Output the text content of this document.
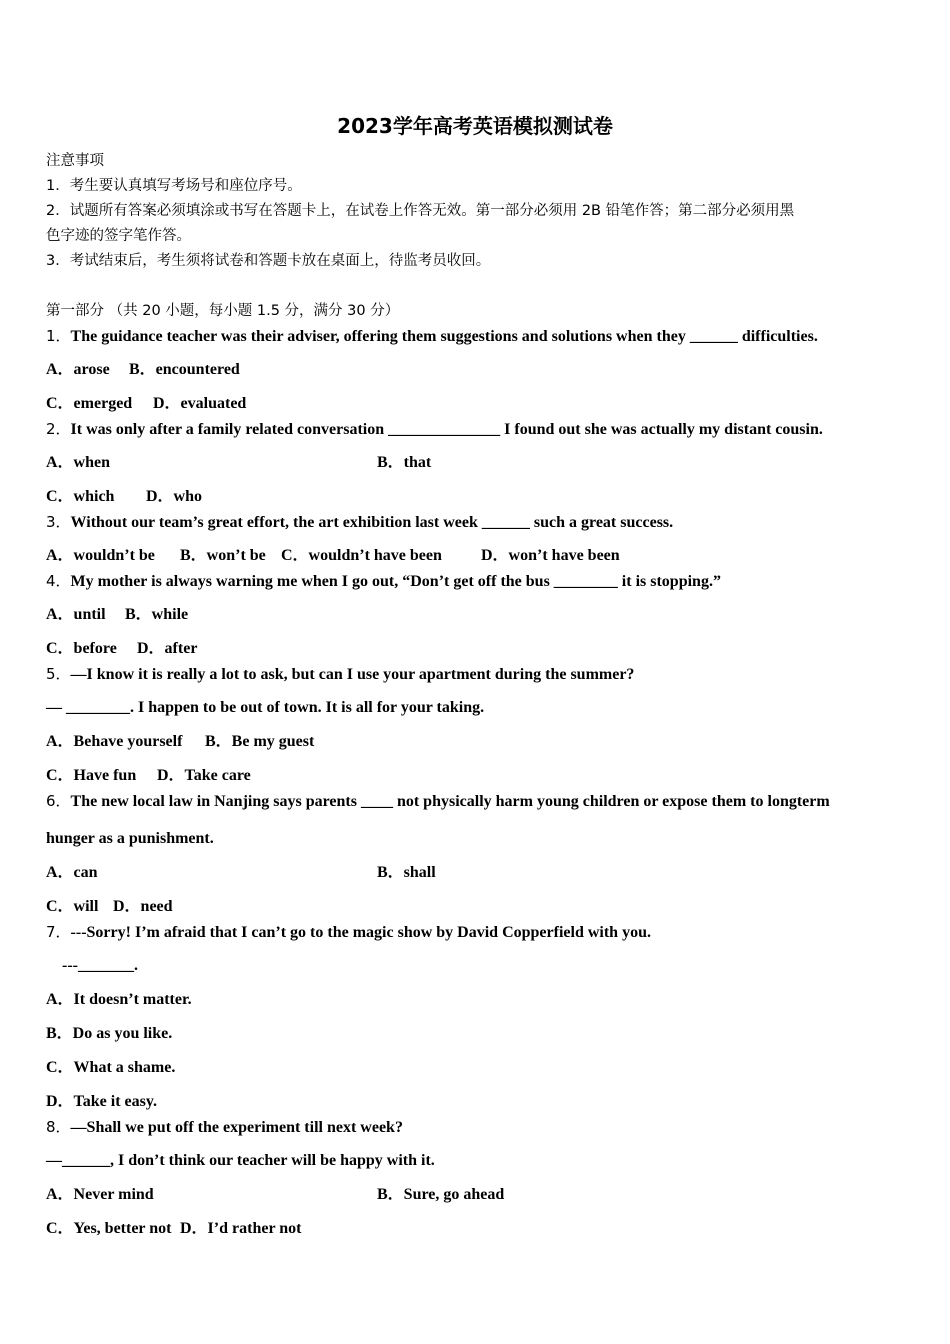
2023学年高考英语模拟测试卷
注意事项
1．考生要认真填写考场号和座位序号。
2．试题所有答案必须填涂或书写在答题卡上，在试卷上作答无效。第一部分必须用 2B 铅笔作答；第二部分必须用黑
色字迹的签字笔作答。
3．考试结束后，考生须将试卷和答题卡放在桌面上，待监考员收回。
第一部分 （共 20 小题，每小题 1.5 分，满分 30 分）
1．The guidance teacher was their adviser, offering them suggestions and solutions when they ______ difficulties.
A．arose B．encountered
C．emerged D．evaluated
2．It was only after a family related conversation ______________ I found out she was actually my distant cousin.
A．when	B．that
C．which D．who
3．Without our team’s great effort, the art exhibition last week ______ such a great success.
A．wouldn’t be B．won’t be C．wouldn’t have been D．won’t have been
4．My mother is always warning me when I go out, “Don’t get off the bus ________ it is stopping.”
A．until B．while
C．before D．after
5．—I know it is really a lot to ask, but can I use your apartment during the summer?
— ________. I happen to be out of town. It is all for your taking.
A．Behave yourself B．Be my guest
C．Have fun D．Take care
6．The new local law in Nanjing says parents ____ not physically harm young children or expose them to longterm
hunger as a punishment.
A．can	B．shall
C．will D．need
7．---Sorry! I’m afraid that I can’t go to the magic show by David Copperfield with you.
---_______.
A．It doesn’t matter.
B．Do as you like.
C．What a shame.
D．Take it easy.
8．—Shall we put off the experiment till next week?
—______, I don’t think our teacher will be happy with it.
A．Never mind	B．Sure, go ahead
C．Yes, better not D．I’d rather not
